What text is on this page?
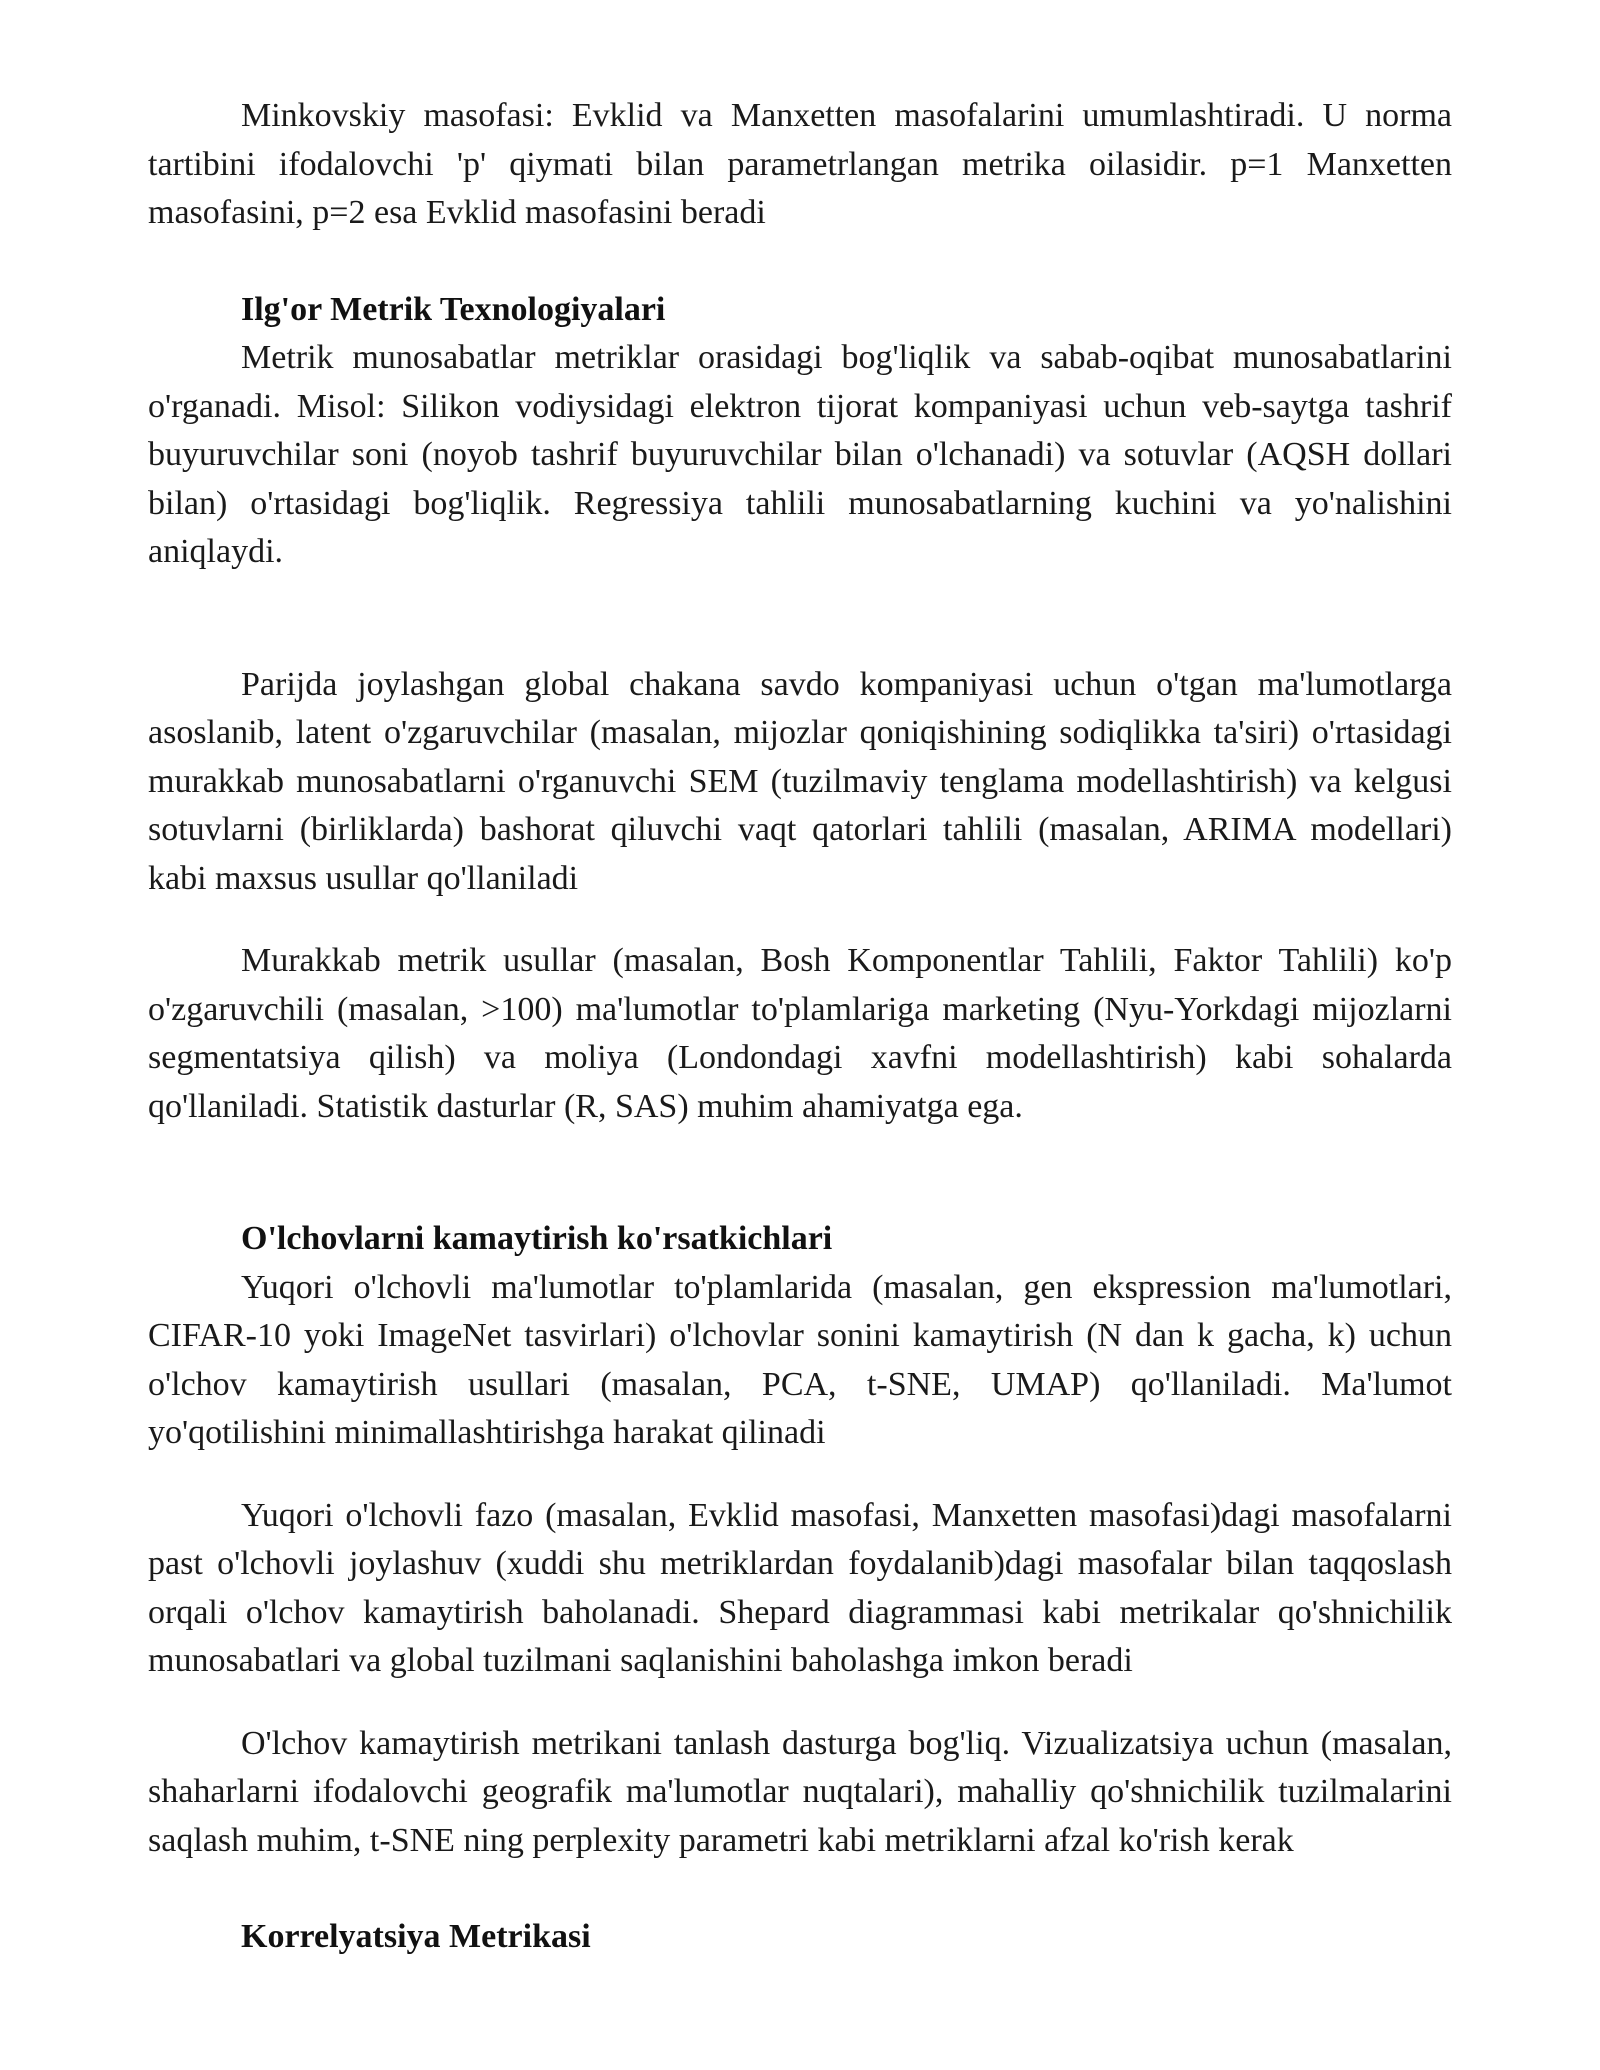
Minkovskiy masofasi: Evklid va Manxetten masofalarini umumlashtiradi. U norma tartibini ifodalovchi 'p' qiymati bilan parametrlangan metrika oilasidir. p=1 Manxetten masofasini, p=2 esa Evklid masofasini beradi

Ilg'or Metrik Texnologiyalari

Metrik munosabatlar metriklar orasidagi bog'liqlik va sabab-oqibat munosabatlarini o'rganadi. Misol: Silikon vodiysidagi elektron tijorat kompaniyasi uchun veb-saytga tashrif buyuruvchilar soni (noyob tashrif buyuruvchilar bilan o'lchanadi) va sotuvlar (AQSH dollari bilan) o'rtasidagi bog'liqlik. Regressiya tahlili munosabatlarning kuchini va yo'nalishini aniqlaydi.

Parijda joylashgan global chakana savdo kompaniyasi uchun o'tgan ma'lumotlarga asoslanib, latent o'zgaruvchilar (masalan, mijozlar qoniqishining sodiqlikka ta'siri) o'rtasidagi murakkab munosabatlarni o'rganuvchi SEM (tuzilmaviy tenglama modellashtirish) va kelgusi sotuvlarni (birliklarda) bashorat qiluvchi vaqt qatorlari tahlili (masalan, ARIMA modellari) kabi maxsus usullar qo'llaniladi

Murakkab metrik usullar (masalan, Bosh Komponentlar Tahlili, Faktor Tahlili) ko'p o'zgaruvchili (masalan, >100) ma'lumotlar to'plamlariga marketing (Nyu-Yorkdagi mijozlarni segmentatsiya qilish) va moliya (Londondagi xavfni modellashtirish) kabi sohalarda qo'llaniladi. Statistik dasturlar (R, SAS) muhim ahamiyatga ega.

O'lchovlarni kamaytirish ko'rsatkichlari

Yuqori o'lchovli ma'lumotlar to'plamlarida (masalan, gen ekspression ma'lumotlari, CIFAR-10 yoki ImageNet tasvirlari) o'lchovlar sonini kamaytirish (N dan k gacha, k) uchun o'lchov kamaytirish usullari (masalan, PCA, t-SNE, UMAP) qo'llaniladi. Ma'lumot yo'qotilishini minimallashtirishga harakat qilinadi

Yuqori o'lchovli fazo (masalan, Evklid masofasi, Manxetten masofasi)dagi masofalarni past o'lchovli joylashuv (xuddi shu metriklardan foydalanib)dagi masofalar bilan taqqoslash orqali o'lchov kamaytirish baholanadi. Shepard diagrammasi kabi metrikalar qo'shnichilik munosabatlari va global tuzilmani saqlanishini baholashga imkon beradi

O'lchov kamaytirish metrikani tanlash dasturga bog'liq. Vizualizatsiya uchun (masalan, shaharlarni ifodalovchi geografik ma'lumotlar nuqtalari), mahalliy qo'shnichilik tuzilmalarini saqlash muhim, t-SNE ning perplexity parametri kabi metriklarni afzal ko'rish kerak

Korrelyatsiya Metrikasi
